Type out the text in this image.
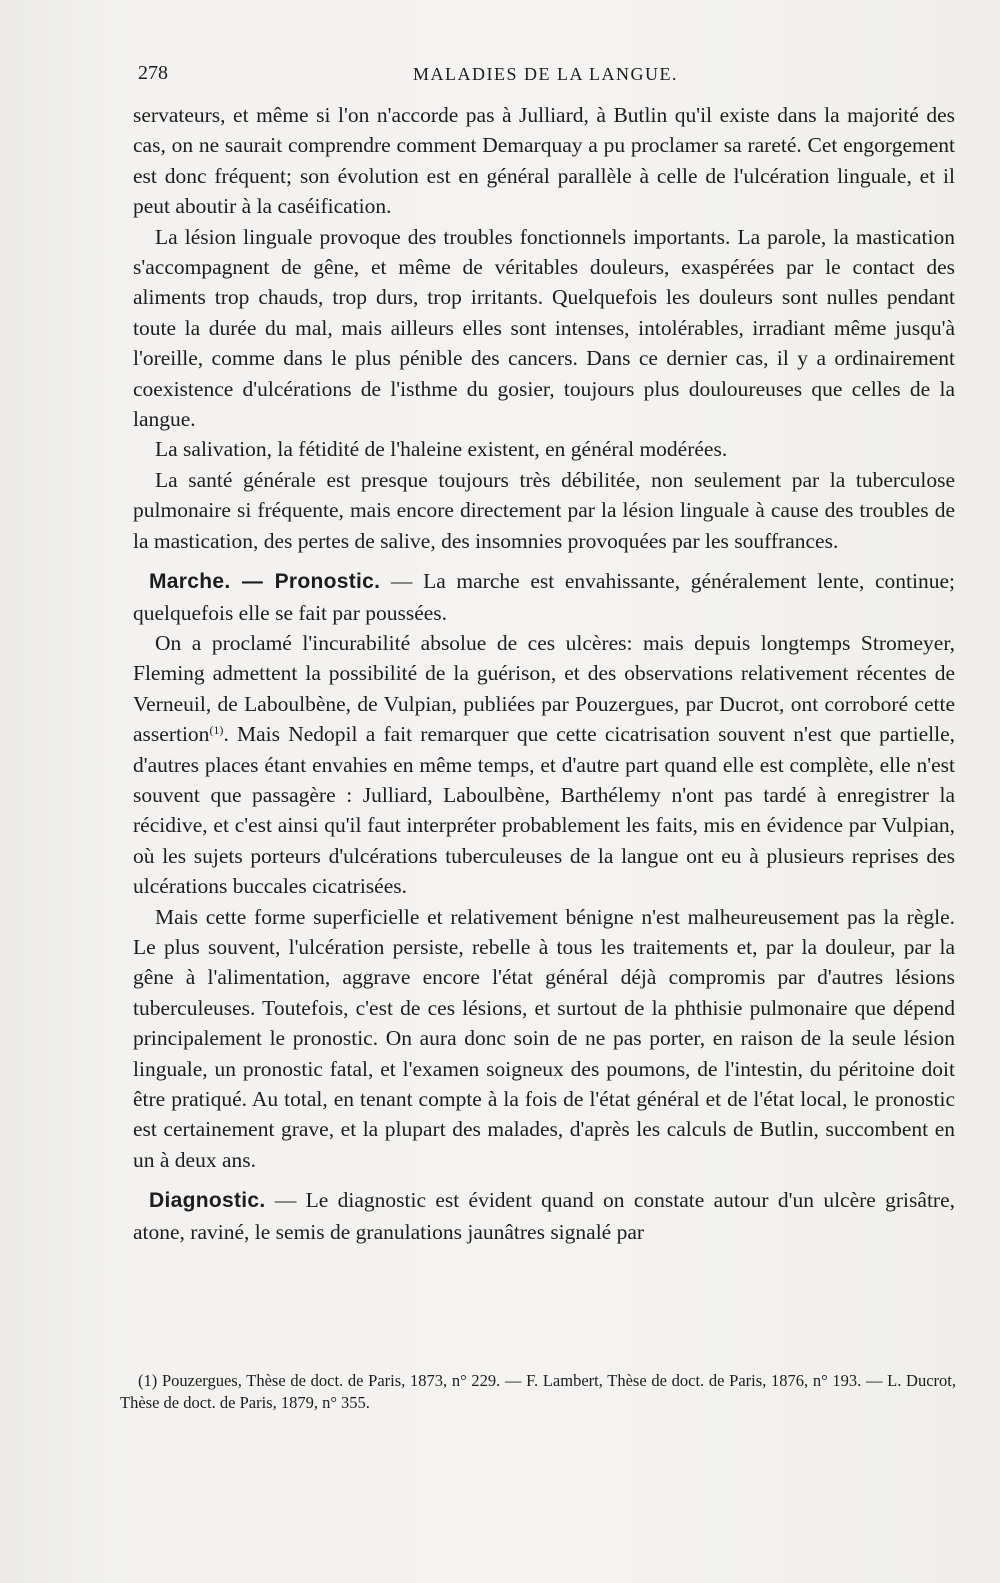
278	MALADIES DE LA LANGUE.

servateurs, et même si l'on n'accorde pas à Julliard, à Butlin qu'il existe dans la majorité des cas, on ne saurait comprendre comment Demarquay a pu proclamer sa rareté. Cet engorgement est donc fréquent; son évolution est en général parallèle à celle de l'ulcération linguale, et il peut aboutir à la caséification.

La lésion linguale provoque des troubles fonctionnels importants. La parole, la mastication s'accompagnent de gêne, et même de véritables douleurs, exaspérées par le contact des aliments trop chauds, trop durs, trop irritants. Quelquefois les douleurs sont nulles pendant toute la durée du mal, mais ailleurs elles sont intenses, intolérables, irradiant même jusqu'à l'oreille, comme dans le plus pénible des cancers. Dans ce dernier cas, il y a ordinairement coexistence d'ulcérations de l'isthme du gosier, toujours plus douloureuses que celles de la langue.

La salivation, la fétidité de l'haleine existent, en général modérées.

La santé générale est presque toujours très débilitée, non seulement par la tuberculose pulmonaire si fréquente, mais encore directement par la lésion linguale à cause des troubles de la mastication, des pertes de salive, des insomnies provoquées par les souffrances.

Marche. — Pronostic. — La marche est envahissante, généralement lente, continue; quelquefois elle se fait par poussées.

On a proclamé l'incurabilité absolue de ces ulcères: mais depuis longtemps Stromeyer, Fleming admettent la possibilité de la guérison, et des observations relativement récentes de Verneuil, de Laboulbène, de Vulpian, publiées par Pouzergues, par Ducrot, ont corroboré cette assertion$^{(1)}$. Mais Nedopil a fait remarquer que cette cicatrisation souvent n'est que partielle, d'autres places étant envahies en même temps, et d'autre part quand elle est complète, elle n'est souvent que passagère : Julliard, Laboulbène, Barthélemy n'ont pas tardé à enregistrer la récidive, et c'est ainsi qu'il faut interpréter probablement les faits, mis en évidence par Vulpian, où les sujets porteurs d'ulcérations tuberculeuses de la langue ont eu à plusieurs reprises des ulcérations buccales cicatrisées.

Mais cette forme superficielle et relativement bénigne n'est malheureusement pas la règle. Le plus souvent, l'ulcération persiste, rebelle à tous les traitements et, par la douleur, par la gêne à l'alimentation, aggrave encore l'état général déjà compromis par d'autres lésions tuberculeuses. Toutefois, c'est de ces lésions, et surtout de la phthisie pulmonaire que dépend principalement le pronostic. On aura donc soin de ne pas porter, en raison de la seule lésion linguale, un pronostic fatal, et l'examen soigneux des poumons, de l'intestin, du péritoine doit être pratiqué. Au total, en tenant compte à la fois de l'état général et de l'état local, le pronostic est certainement grave, et la plupart des malades, d'après les calculs de Butlin, succombent en un à deux ans.

Diagnostic. — Le diagnostic est évident quand on constate autour d'un ulcère grisâtre, atone, raviné, le semis de granulations jaunâtres signalé par

(1) Pouzergues, Thèse de doct. de Paris, 1873, n° 229. — F. Lambert, Thèse de doct. de Paris, 1876, n° 193. — L. Ducrot, Thèse de doct. de Paris, 1879, n° 355.
